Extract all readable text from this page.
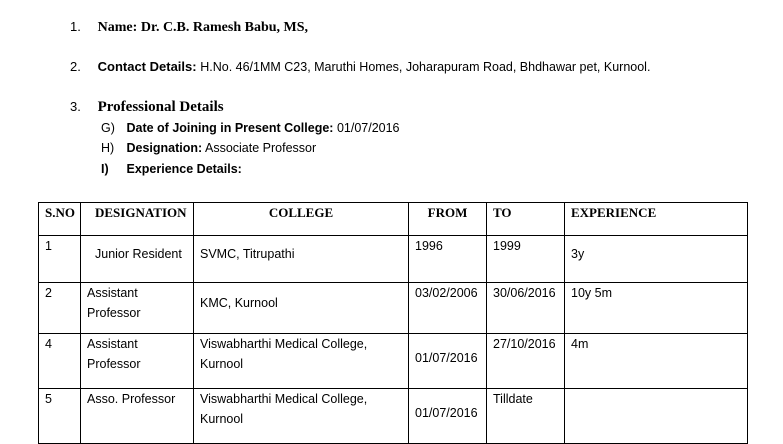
1. Name: Dr. C.B. Ramesh Babu, MS,
2. Contact Details: H.No. 46/1MM C23, Maruthi Homes, Joharapuram Road, Bhdhawar pet, Kurnool.
3. Professional Details
G) Date of Joining in Present College: 01/07/2016
H) Designation: Associate Professor
I) Experience Details:
S.NO	DESIGNATION	COLLEGE	FROM	TO	EXPERIENCE
1	Junior Resident	SVMC, Titrupathi	1996	1999	3y
2	Assistant Professor	KMC, Kurnool	03/02/2006	30/06/2016	10y 5m
4	Assistant Professor	Viswabharthi Medical College, Kurnool	01/07/2016	27/10/2016	4m
5	Asso. Professor	Viswabharthi Medical College, Kurnool	01/07/2016	Tilldate	
